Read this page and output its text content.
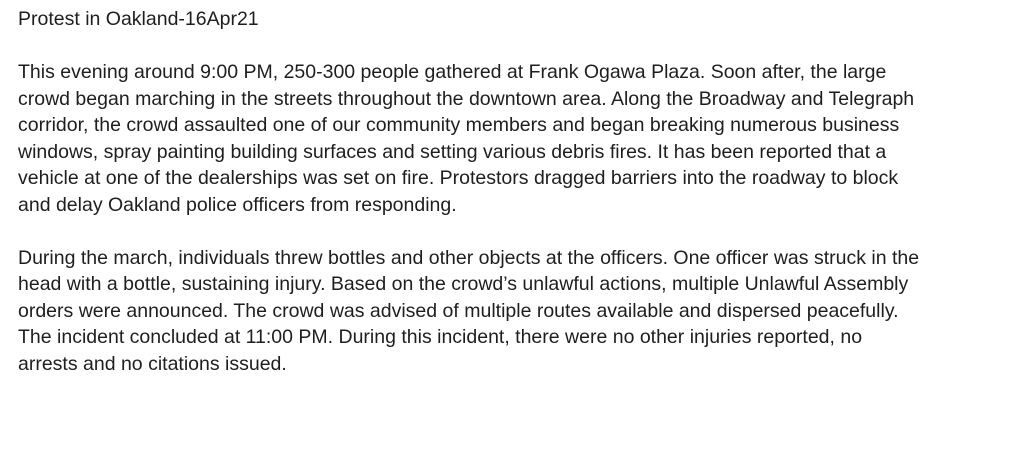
Protest in Oakland-16Apr21

This evening around 9:00 PM, 250-300 people gathered at Frank Ogawa Plaza. Soon after, the large
crowd began marching in the streets throughout the downtown area. Along the Broadway and Telegraph
corridor, the crowd assaulted one of our community members and began breaking numerous business
windows, spray painting building surfaces and setting various debris fires. It has been reported that a
vehicle at one of the dealerships was set on fire. Protestors dragged barriers into the roadway to block
and delay Oakland police officers from responding.

During the march, individuals threw bottles and other objects at the officers. One officer was struck in the
head with a bottle, sustaining injury. Based on the crowd’s unlawful actions, multiple Unlawful Assembly
orders were announced. The crowd was advised of multiple routes available and dispersed peacefully.
The incident concluded at 11:00 PM. During this incident, there were no other injuries reported, no
arrests and no citations issued.
